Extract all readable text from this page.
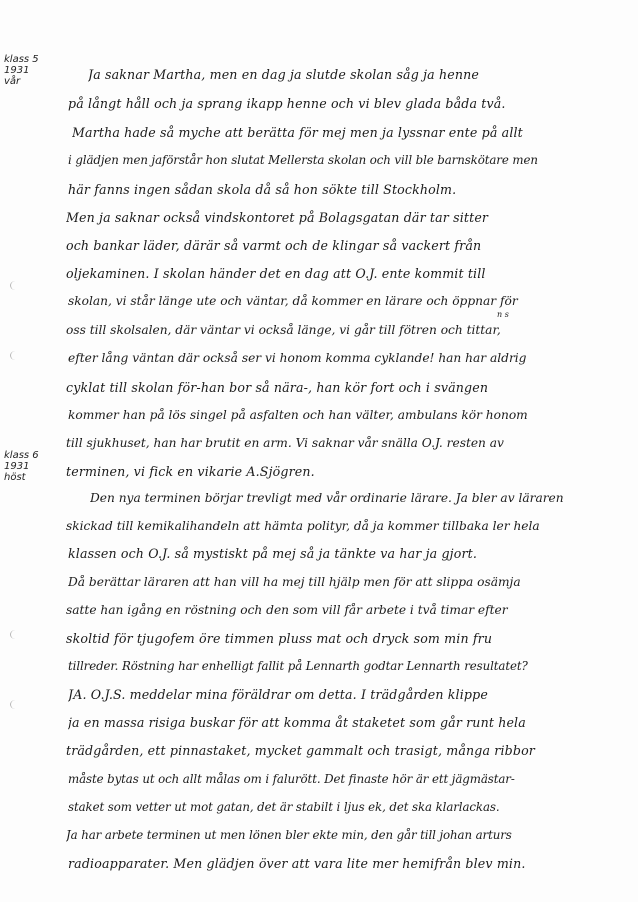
klass 5
1931
vår
klass 6
1931
höst
n s

Ja saknar Martha, men en dag ja slutde skolan såg ja henne

på långt håll och ja sprang ikapp henne och vi blev glada båda två.

Martha hade så myche att berätta för mej men ja lyssnar ente på allt

i glädjen men jaförstår hon slutat Mellersta skolan och vill ble barnskötare men

här fanns ingen sådan skola då så hon sökte till Stockholm.

Men ja saknar också vindskontoret på Bolagsgatan där tar sitter

och bankar läder, därär så varmt och de klingar så vackert från

oljekaminen. I skolan händer det en dag att O.J. ente kommit till

skolan, vi står länge ute och väntar, då kommer en lärare och öppnar för

oss till skolsalen, där väntar vi också länge, vi går till fötren och tittar,

efter lång väntan där också ser vi honom komma cyklande! han har aldrig

cyklat till skolan för-han bor så nära-, han kör fort och i svängen

kommer han på lös singel på asfalten och han välter, ambulans kör honom

till sjukhuset, han har brutit en arm. Vi saknar vår snälla O.J. resten av

terminen, vi fick en vikarie A.Sjögren.

Den nya terminen börjar trevligt med vår ordinarie lärare. Ja bler av läraren

skickad till kemikalihandeln att hämta polityr, då ja kommer tillbaka ler hela

klassen och O.J. så mystiskt på mej så ja tänkte va har ja gjort.

Då berättar läraren att han vill ha mej till hjälp men för att slippa osämja

satte han igång en röstning och den som vill får arbete i två timar efter

skoltid för tjugofem öre timmen pluss mat och dryck som min fru

tillreder. Röstning har enhelligt fallit på Lennarth godtar Lennarth resultatet?

JA. O.J.S. meddelar mina föräldrar om detta. I trädgården klippe

ja en massa risiga buskar för att komma åt staketet som går runt hela

trädgården, ett pinnastaket, mycket gammalt och trasigt, många ribbor

måste bytas ut och allt målas om i falurött. Det finaste hör är ett jägmästar-

staket som vetter ut mot gatan, det är stabilt i ljus ek, det ska klarlackas.

Ja har arbete terminen ut men lönen bler ekte min, den går till johan arturs

radioapparater. Men glädjen över att vara lite mer hemifrån blev min.
